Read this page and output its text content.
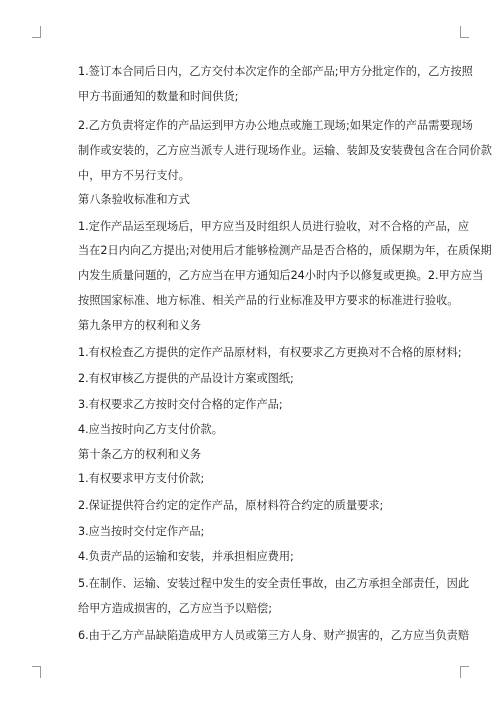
1.签订本合同后日内，乙方交付本次定作的全部产品;甲方分批定作的，乙方按照
甲方书面通知的数量和时间供货;
2.乙方负责将定作的产品运到甲方办公地点或施工现场;如果定作的产品需要现场
制作或安装的，乙方应当派专人进行现场作业。运输、装卸及安装费包含在合同价款
中，甲方不另行支付。
第八条验收标准和方式
1.定作产品运至现场后，甲方应当及时组织人员进行验收，对不合格的产品，应
当在2日内向乙方提出;对使用后才能够检测产品是否合格的，质保期为年，在质保期
内发生质量问题的，乙方应当在甲方通知后24小时内予以修复或更换。2.甲方应当
按照国家标准、地方标准、相关产品的行业标准及甲方要求的标准进行验收。
第九条甲方的权利和义务
1.有权检查乙方提供的定作产品原材料，有权要求乙方更换对不合格的原材料;
2.有权审核乙方提供的产品设计方案或图纸;
3.有权要求乙方按时交付合格的定作产品;
4.应当按时向乙方支付价款。
第十条乙方的权利和义务
1.有权要求甲方支付价款;
2.保证提供符合约定的定作产品，原材料符合约定的质量要求;
3.应当按时交付定作产品;
4.负责产品的运输和安装，并承担相应费用;
5.在制作、运输、安装过程中发生的安全责任事故，由乙方承担全部责任，因此
给甲方造成损害的，乙方应当予以赔偿;
6.由于乙方产品缺陷造成甲方人员或第三方人身、财产损害的，乙方应当负责赔
